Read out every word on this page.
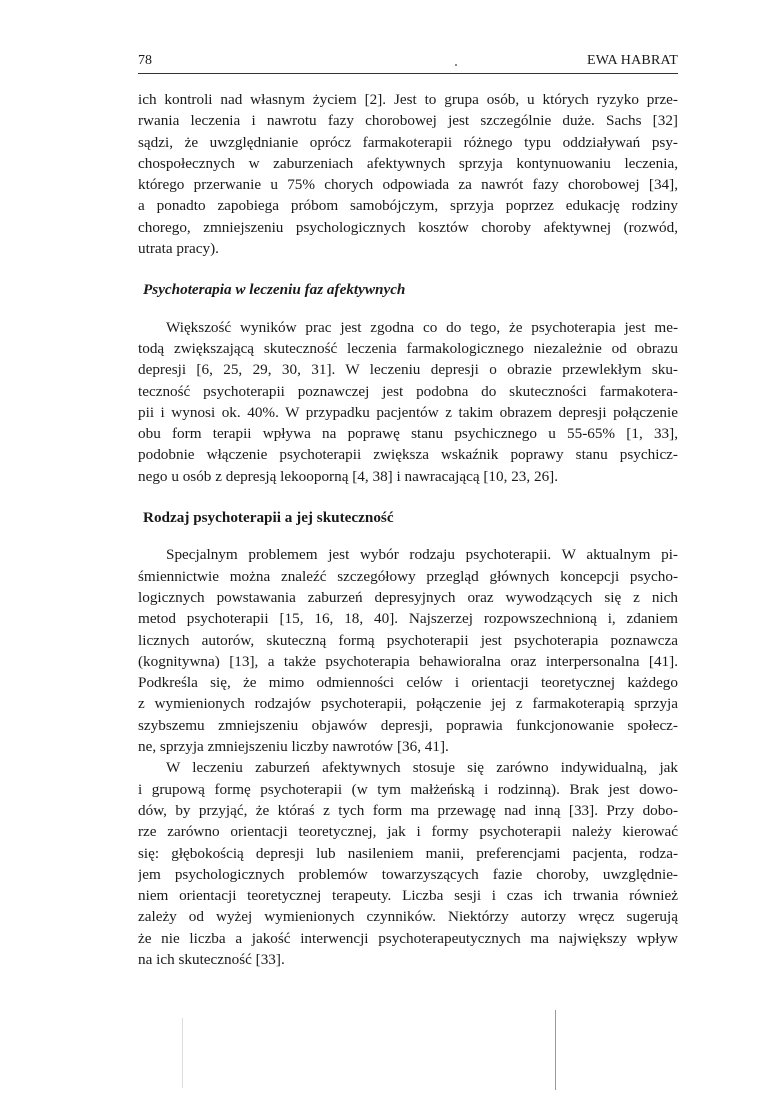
78	EWA HABRAT
ich kontroli nad własnym życiem [2]. Jest to grupa osób, u których ryzyko prze-
rwania leczenia i nawrotu fazy chorobowej jest szczególnie duże. Sachs [32]
sądzi, że uwzględnianie oprócz farmakoterapii różnego typu oddziaływań psy-
chospołecznych w zaburzeniach afektywnych sprzyja kontynuowaniu leczenia,
którego przerwanie u 75% chorych odpowiada za nawrót fazy chorobowej [34],
a ponadto zapobiega próbom samobójczym, sprzyja poprzez edukację rodziny
chorego, zmniejszeniu psychologicznych kosztów choroby afektywnej (rozwód,
utrata pracy).
Psychoterapia w leczeniu faz afektywnych
Większość wyników prac jest zgodna co do tego, że psychoterapia jest me-
todą zwiększającą skuteczność leczenia farmakologicznego niezależnie od obrazu
depresji [6, 25, 29, 30, 31]. W leczeniu depresji o obrazie przewlekłym sku-
teczność psychoterapii poznawczej jest podobna do skuteczności farmakotera-
pii i wynosi ok. 40%. W przypadku pacjentów z takim obrazem depresji połączenie
obu form terapii wpływa na poprawę stanu psychicznego u 55-65% [1, 33],
podobnie włączenie psychoterapii zwiększa wskaźnik poprawy stanu psychicz-
nego u osób z depresją lekooporną [4, 38] i nawracającą [10, 23, 26].
Rodzaj psychoterapii a jej skuteczność
Specjalnym problemem jest wybór rodzaju psychoterapii. W aktualnym pi-
śmiennictwie można znaleźć szczegółowy przegląd głównych koncepcji psycho-
logicznych powstawania zaburzeń depresyjnych oraz wywodzących się z nich
metod psychoterapii [15, 16, 18, 40]. Najszerzej rozpowszechnioną i, zdaniem
licznych autorów, skuteczną formą psychoterapii jest psychoterapia poznawcza
(kognitywna) [13], a także psychoterapia behawioralna oraz interpersonalna [41].
Podkreśla się, że mimo odmienności celów i orientacji teoretycznej każdego
z wymienionych rodzajów psychoterapii, połączenie jej z farmakoterapią sprzyja
szybszemu zmniejszeniu objawów depresji, poprawia funkcjonowanie społecz-
ne, sprzyja zmniejszeniu liczby nawrotów [36, 41].
W leczeniu zaburzeń afektywnych stosuje się zarówno indywidualną, jak
i grupową formę psychoterapii (w tym małżeńską i rodzinną). Brak jest dowo-
dów, by przyjąć, że któraś z tych form ma przewagę nad inną [33]. Przy dobo-
rze zarówno orientacji teoretycznej, jak i formy psychoterapii należy kierować
się: głębokością depresji lub nasileniem manii, preferencjami pacjenta, rodza-
jem psychologicznych problemów towarzyszących fazie choroby, uwzględnie-
niem orientacji teoretycznej terapeuty. Liczba sesji i czas ich trwania również
zależy od wyżej wymienionych czynników. Niektórzy autorzy wręcz sugerują
że nie liczba a jakość interwencji psychoterapeutycznych ma największy wpływ
na ich skuteczność [33].
